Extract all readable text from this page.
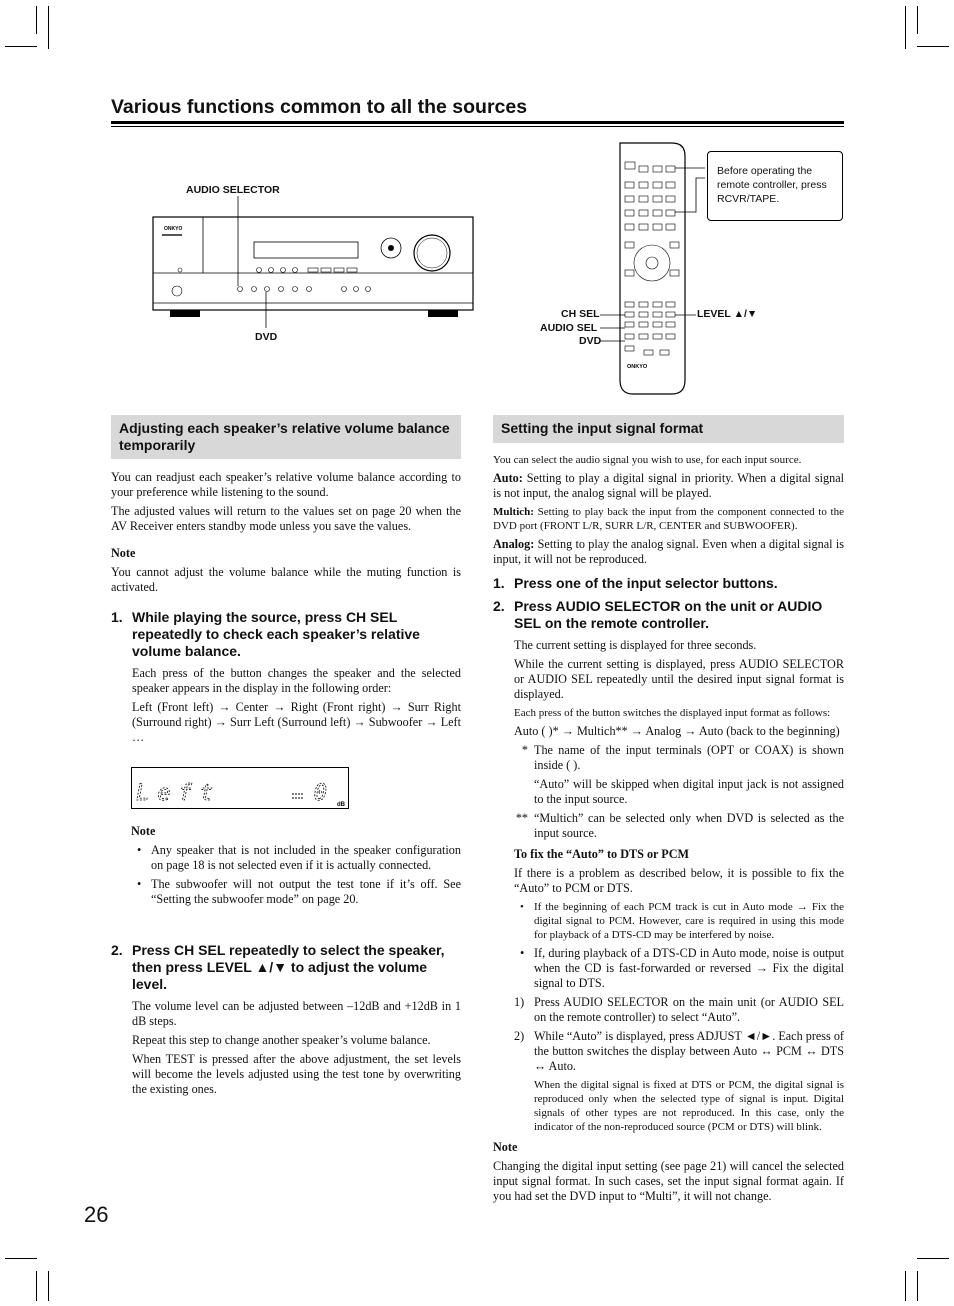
Various functions common to all the sources
ONKYO
AUDIO SELECTOR
DVD
ONKYO
Before operating the remote controller, press RCVR/TAPE.
CH SEL
AUDIO SEL
DVD
LEVEL ▲/▼
Adjusting each speaker’s relative volume balance temporarily

You can readjust each speaker’s relative volume balance according to your preference while listening to the sound.

The adjusted values will return to the values set on page 20 when the AV Receiver enters standby mode unless you save the values.

Note

You cannot adjust the volume balance while the muting function is activated.

1. While playing the source, press CH SEL repeatedly to check each speaker’s relative volume balance.

Each press of the button changes the speaker and the selected speaker appears in the display in the following order:

Left (Front left) → Center → Right (Front right) → Surr Right (Surround right) → Surr Left (Surround left) → Subwoofer → Left …

Left	0 dB
Note
• Any speaker that is not included in the speaker configuration on page 18 is not selected even if it is actually connected.
• The subwoofer will not output the test tone if it’s off. See “Setting the subwoofer mode” on page 20.
2. Press CH SEL repeatedly to select the speaker, then press LEVEL ▲/▼ to adjust the volume level.

The volume level can be adjusted between –12dB and +12dB in 1 dB steps.

Repeat this step to change another speaker’s volume balance.

When TEST is pressed after the above adjustment, the set levels will become the levels adjusted using the test tone by overwriting the existing ones.

Setting the input signal format

You can select the audio signal you wish to use, for each input source.

Auto: Setting to play a digital signal in priority. When a digital signal is not input, the analog signal will be played.

Multich: Setting to play back the input from the component connected to the DVD port (FRONT L/R, SURR L/R, CENTER and SUBWOOFER).

Analog: Setting to play the analog signal. Even when a digital signal is input, it will not be reproduced.

1. Press one of the input selector buttons.
2. Press AUDIO SELECTOR on the unit or AUDIO SEL on the remote controller.

The current setting is displayed for three seconds.

While the current setting is displayed, press AUDIO SELECTOR or AUDIO SEL repeatedly until the desired input signal format is displayed.

Each press of the button switches the displayed input format as follows:

Auto ( )* → Multich** → Analog → Auto (back to the beginning)

* The name of the input terminals (OPT or COAX) is shown inside ( ).
“Auto” will be skipped when digital input jack is not assigned to the input source.
** “Multich” can be selected only when DVD is selected as the input source.
To fix the “Auto” to DTS or PCM

If there is a problem as described below, it is possible to fix the “Auto” to PCM or DTS.

• If the beginning of each PCM track is cut in Auto mode → Fix the digital signal to PCM. However, care is required in using this mode for playback of a DTS-CD may be interfered by noise.
• If, during playback of a DTS-CD in Auto mode, noise is output when the CD is fast-forwarded or reversed → Fix the digital signal to DTS.
1) Press AUDIO SELECTOR on the main unit (or AUDIO SEL on the remote controller) to select “Auto”.
2) While “Auto” is displayed, press ADJUST ◄/►. Each press of the button switches the display between Auto ↔ PCM ↔ DTS ↔ Auto.

When the digital signal is fixed at DTS or PCM, the digital signal is reproduced only when the selected type of signal is input. Digital signals of other types are not reproduced. In this case, only the indicator of the non-reproduced source (PCM or DTS) will blink.

Note

Changing the digital input setting (see page 21) will cancel the selected input signal format. In such cases, set the input signal format again. If you had set the DVD input to “Multi”, it will not change.

26
